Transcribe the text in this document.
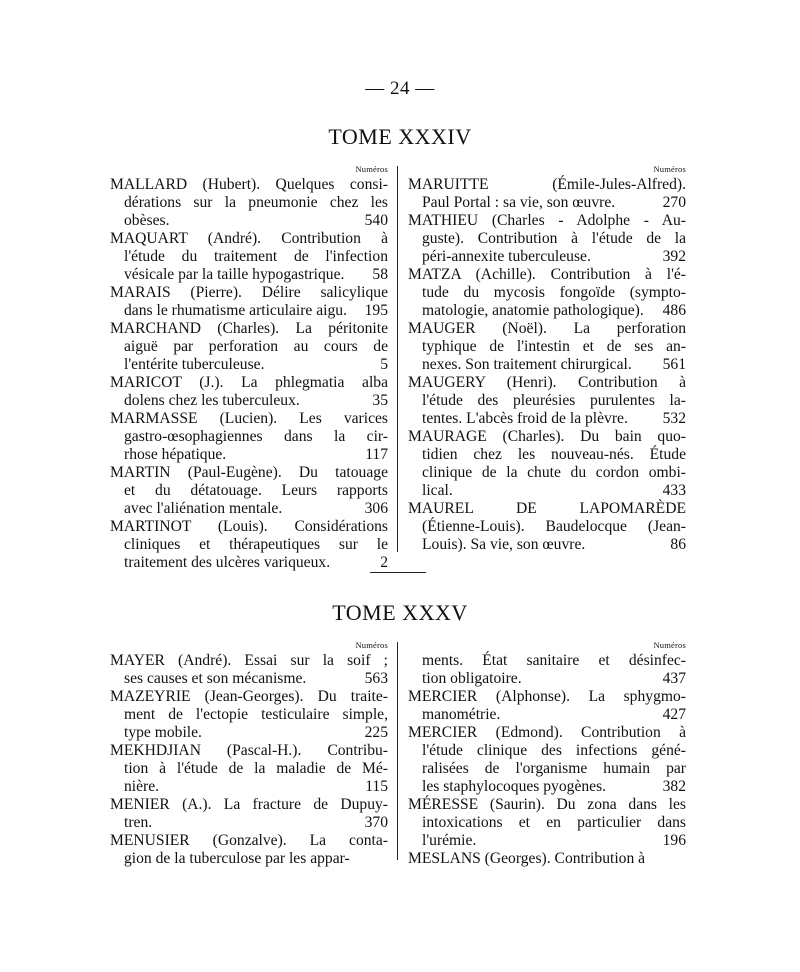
— 24 —
TOME XXXIV
Numéros
MALLARD (Hubert). Quelques consi-
dérations sur la pneumonie chez les
obèses.	540
MAQUART (André). Contribution à
l'étude du traitement de l'infection
vésicale par la taille hypogastrique. 58
MARAIS (Pierre). Délire salicylique
dans le rhumatisme articulaire aigu. 195
MARCHAND (Charles). La péritonite
aiguë par perforation au cours de
l'entérite tuberculeuse.	5
MARICOT (J.). La phlegmatia alba
dolens chez les tuberculeux.	35
MARMASSE (Lucien). Les varices
gastro-œsophagiennes dans la cir-
rhose hépatique.	117
MARTIN (Paul-Eugène). Du tatouage
et du détatouage. Leurs rapports
avec l'aliénation mentale.	306
MARTINOT (Louis). Considérations
cliniques et thérapeutiques sur le
traitement des ulcères variqueux.	2
Numéros
MARUITTE (Émile-Jules-Alfred).
Paul Portal : sa vie, son œuvre.	270
MATHIEU (Charles - Adolphe - Au-
guste). Contribution à l'étude de la
péri-annexite tuberculeuse.	392
MATZA (Achille). Contribution à l'é-
tude du mycosis fongoïde (sympto-
matologie, anatomie pathologique). 486
MAUGER (Noël). La perforation
typhique de l'intestin et de ses an-
nexes. Son traitement chirurgical. 561
MAUGERY (Henri). Contribution à
l'étude des pleurésies purulentes la-
tentes. L'abcès froid de la plèvre. 532
MAURAGE (Charles). Du bain quo-
tidien chez les nouveau-nés. Étude
clinique de la chute du cordon ombi-
lical.	433
MAUREL DE LAPOMARÈDE
(Étienne-Louis). Baudelocque (Jean-
Louis). Sa vie, son œuvre.	86
TOME XXXV
Numéros
MAYER (André). Essai sur la soif ;
ses causes et son mécanisme.	563
MAZEYRIE (Jean-Georges). Du traite-
ment de l'ectopie testiculaire simple,
type mobile.	225
MEKHDJIAN (Pascal-H.). Contribu-
tion à l'étude de la maladie de Mé-
nière.	115
MENIER (A.). La fracture de Dupuy-
tren.	370
MENUSIER (Gonzalve). La conta-
gion de la tuberculose par les appar-
Numéros
ments. État sanitaire et désinfec-
tion obligatoire.	437
MERCIER (Alphonse). La sphygmo-
manométrie.	427
MERCIER (Edmond). Contribution à
l'étude clinique des infections géné-
ralisées de l'organisme humain par
les staphylocoques pyogènes.	382
MÉRESSE (Saurin). Du zona dans les
intoxications et en particulier dans
l'urémie.	196
MESLANS (Georges). Contribution à
